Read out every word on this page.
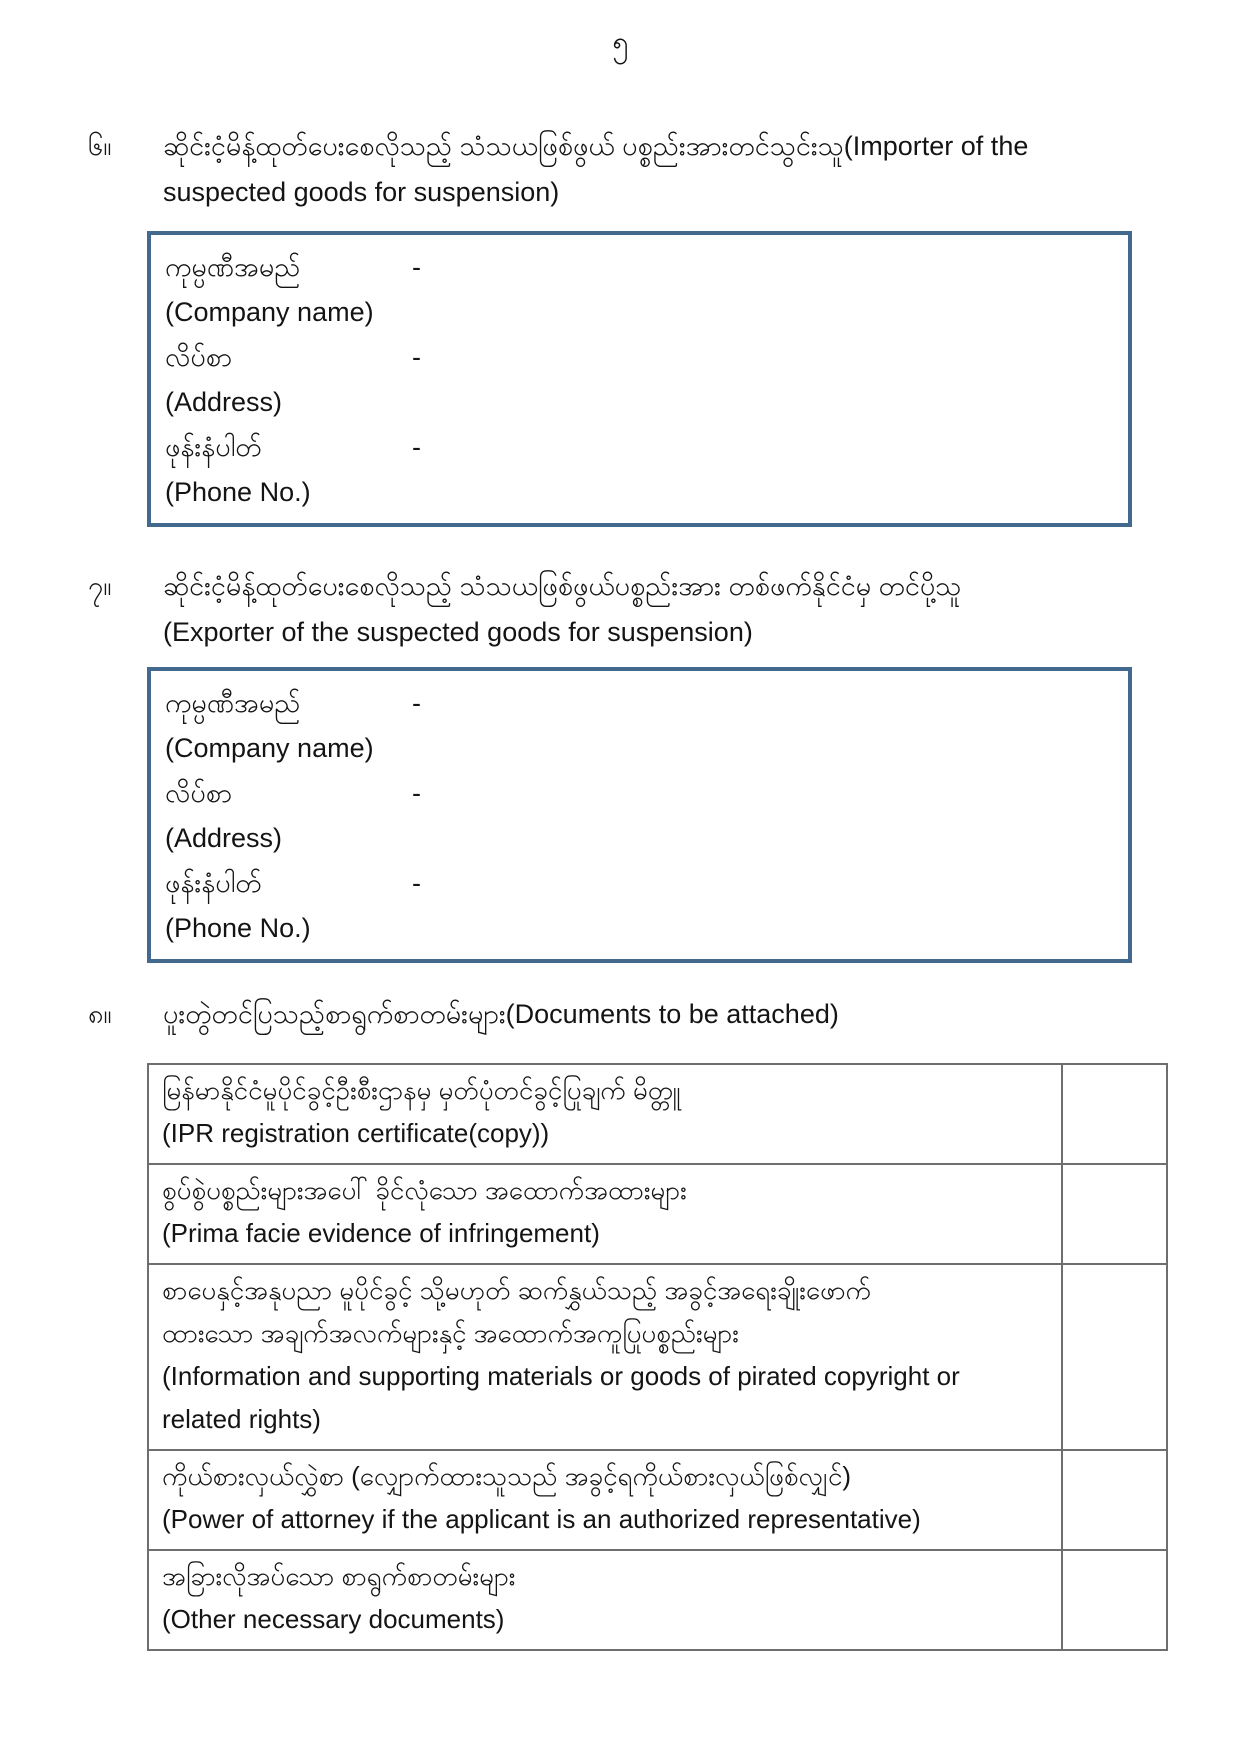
၅
၆။	ဆိုင်းငံ့မိန့်ထုတ်ပေးစေလိုသည့် သံသယဖြစ်ဖွယ် ပစ္စည်းအားတင်သွင်းသူ(Importer of the
suspected goods for suspension)
ကုမ္ပဏီအမည်	-
(Company name)
လိပ်စာ	-
(Address)
ဖုန်းနံပါတ်	-
(Phone No.)
၇။	ဆိုင်းငံ့မိန့်ထုတ်ပေးစေလိုသည့် သံသယဖြစ်ဖွယ်ပစ္စည်းအား တစ်ဖက်နိုင်ငံမှ တင်ပို့သူ
(Exporter of the suspected goods for suspension)
ကုမ္ပဏီအမည်	-
(Company name)
လိပ်စာ	-
(Address)
ဖုန်းနံပါတ်	-
(Phone No.)
၈။	ပူးတွဲတင်ပြသည့်စာရွက်စာတမ်းများ(Documents to be attached)
မြန်မာနိုင်ငံမူပိုင်ခွင့်ဦးစီးဌာနမှ မှတ်ပုံတင်ခွင့်ပြုချက် မိတ္တူ
(IPR registration certificate(copy))	

စွပ်စွဲပစ္စည်းများအပေါ် ခိုင်လုံသော အထောက်အထားများ
(Prima facie evidence of infringement)	

စာပေနှင့်အနုပညာ မူပိုင်ခွင့် သို့မဟုတ် ဆက်နွှယ်သည့် အခွင့်အရေးချိုးဖောက်
ထားသော အချက်အလက်များနှင့် အထောက်အကူပြုပစ္စည်းများ
(Information and supporting materials or goods of pirated copyright or
related rights)	

ကိုယ်စားလှယ်လွှဲစာ (လျှောက်ထားသူသည် အခွင့်ရကိုယ်စားလှယ်ဖြစ်လျှင်)
(Power of attorney if the applicant is an authorized representative)	

အခြားလိုအပ်သော စာရွက်စာတမ်းများ
(Other necessary documents)	
